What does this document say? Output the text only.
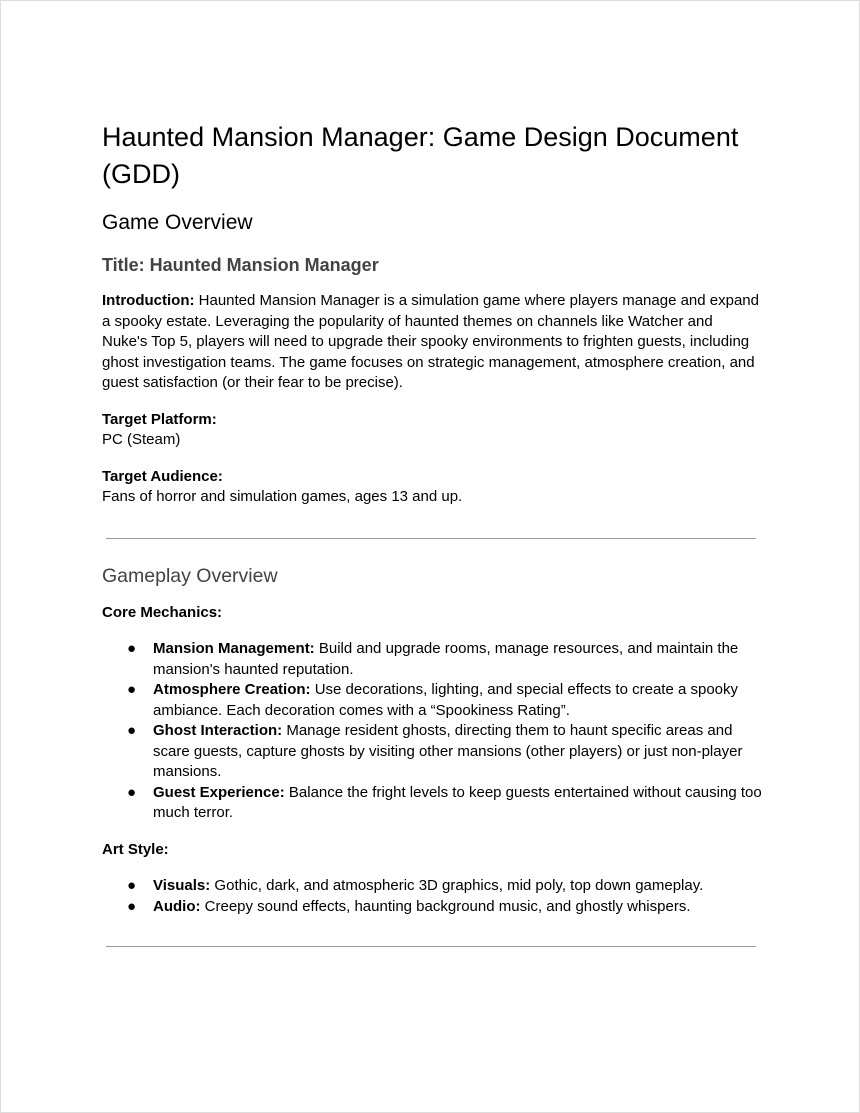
Haunted Mansion Manager: Game Design Document (GDD)
Game Overview
Title: Haunted Mansion Manager

Introduction: Haunted Mansion Manager is a simulation game where players manage and expand a spooky estate. Leveraging the popularity of haunted themes on channels like Watcher and Nuke's Top 5, players will need to upgrade their spooky environments to frighten guests, including ghost investigation teams. The game focuses on strategic management, atmosphere creation, and guest satisfaction (or their fear to be precise).

Target Platform:
PC (Steam)
Target Audience:
Fans of horror and simulation games, ages 13 and up.
Gameplay Overview

Core Mechanics:

● Mansion Management: Build and upgrade rooms, manage resources, and maintain the mansion's haunted reputation.
● Atmosphere Creation: Use decorations, lighting, and special effects to create a spooky ambiance. Each decoration comes with a “Spookiness Rating”.
● Ghost Interaction: Manage resident ghosts, directing them to haunt specific areas and scare guests, capture ghosts by visiting other mansions (other players) or just non-player mansions.
● Guest Experience: Balance the fright levels to keep guests entertained without causing too much terror.

Art Style:

● Visuals: Gothic, dark, and atmospheric 3D graphics, mid poly, top down gameplay.
● Audio: Creepy sound effects, haunting background music, and ghostly whispers.
